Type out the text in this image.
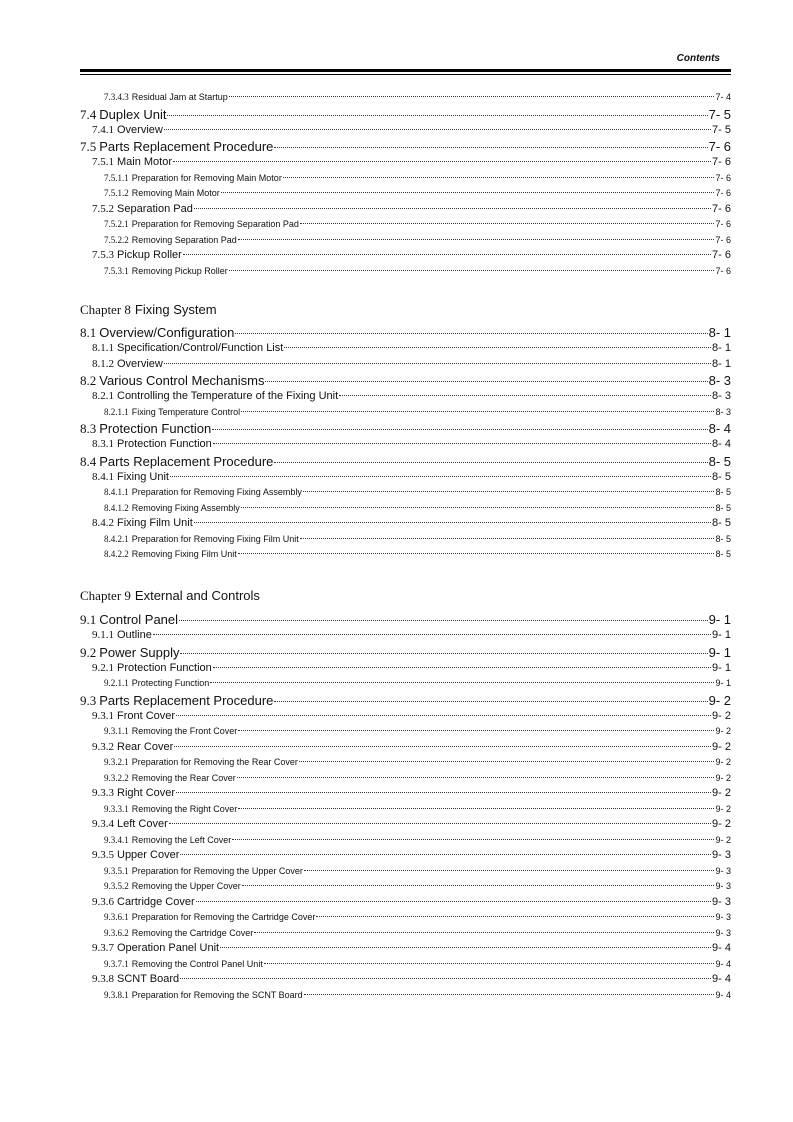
Contents
7.3.4.3 Residual Jam at Startup	7- 4
7.4 Duplex Unit	7- 5
7.4.1 Overview	7- 5
7.5 Parts Replacement Procedure	7- 6
7.5.1 Main Motor	7- 6
7.5.1.1 Preparation for Removing Main Motor	7- 6
7.5.1.2 Removing Main Motor	7- 6
7.5.2 Separation Pad	7- 6
7.5.2.1 Preparation for Removing Separation Pad	7- 6
7.5.2.2 Removing Separation Pad	7- 6
7.5.3 Pickup Roller	7- 6
7.5.3.1 Removing Pickup Roller	7- 6
Chapter 8 Fixing System
8.1 Overview/Configuration	8- 1
8.1.1 Specification/Control/Function List	8- 1
8.1.2 Overview	8- 1
8.2 Various Control Mechanisms	8- 3
8.2.1 Controlling the Temperature of the Fixing Unit	8- 3
8.2.1.1 Fixing Temperature Control	8- 3
8.3 Protection Function	8- 4
8.3.1 Protection Function	8- 4
8.4 Parts Replacement Procedure	8- 5
8.4.1 Fixing Unit	8- 5
8.4.1.1 Preparation for Removing Fixing Assembly	8- 5
8.4.1.2 Removing Fixing Assembly	8- 5
8.4.2 Fixing Film Unit	8- 5
8.4.2.1 Preparation for Removing Fixing Film Unit	8- 5
8.4.2.2 Removing Fixing Film Unit	8- 5
Chapter 9 External and Controls
9.1 Control Panel	9- 1
9.1.1 Outline	9- 1
9.2 Power Supply	9- 1
9.2.1 Protection Function	9- 1
9.2.1.1 Protecting Function	9- 1
9.3 Parts Replacement Procedure	9- 2
9.3.1 Front Cover	9- 2
9.3.1.1 Removing the Front Cover	9- 2
9.3.2 Rear Cover	9- 2
9.3.2.1 Preparation for Removing the Rear Cover	9- 2
9.3.2.2 Removing the Rear Cover	9- 2
9.3.3 Right Cover	9- 2
9.3.3.1 Removing the Right Cover	9- 2
9.3.4 Left Cover	9- 2
9.3.4.1 Removing the Left Cover	9- 2
9.3.5 Upper Cover	9- 3
9.3.5.1 Preparation for Removing the Upper Cover	9- 3
9.3.5.2 Removing the Upper Cover	9- 3
9.3.6 Cartridge Cover	9- 3
9.3.6.1 Preparation for Removing the Cartridge Cover	9- 3
9.3.6.2 Removing the Cartridge Cover	9- 3
9.3.7 Operation Panel Unit	9- 4
9.3.7.1 Removing the Control Panel Unit	9- 4
9.3.8 SCNT Board	9- 4
9.3.8.1 Preparation for Removing the SCNT Board	9- 4
